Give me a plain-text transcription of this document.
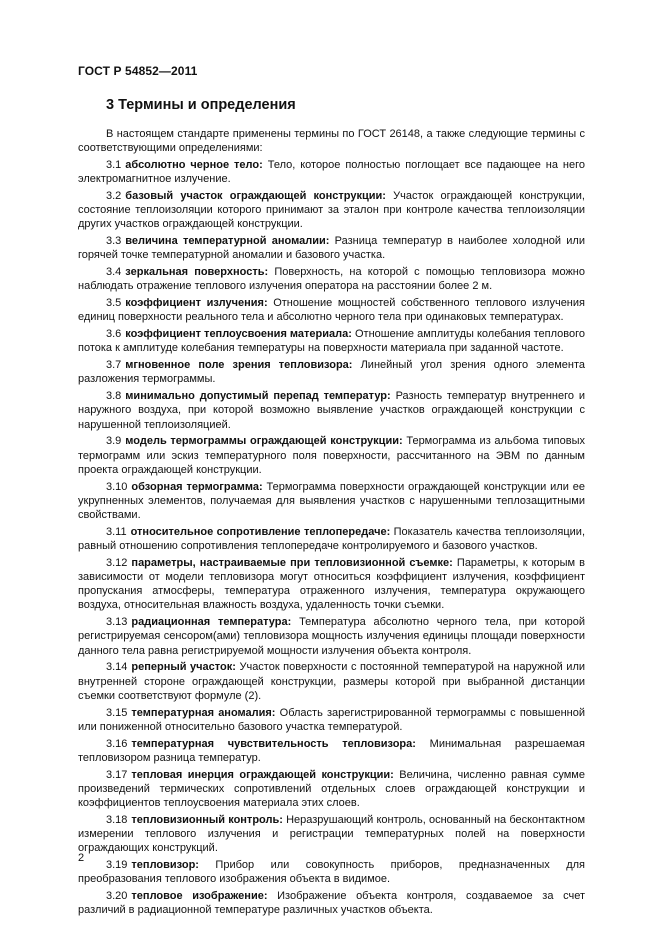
ГОСТ Р 54852—2011
3 Термины и определения

В настоящем стандарте применены термины по ГОСТ 26148, а также следующие термины с соответствующими определениями:

3.1 абсолютно черное тело: Тело, которое полностью поглощает все падающее на него электромагнитное излучение.

3.2 базовый участок ограждающей конструкции: Участок ограждающей конструкции, состояние теплоизоляции которого принимают за эталон при контроле качества теплоизоляции других участков ограждающей конструкции.

3.3 величина температурной аномалии: Разница температур в наиболее холодной или горячей точке температурной аномалии и базового участка.

3.4 зеркальная поверхность: Поверхность, на которой с помощью тепловизора можно наблюдать отражение теплового излучения оператора на расстоянии более 2 м.

3.5 коэффициент излучения: Отношение мощностей собственного теплового излучения единиц поверхности реального тела и абсолютно черного тела при одинаковых температурах.

3.6 коэффициент теплоусвоения материала: Отношение амплитуды колебания теплового потока к амплитуде колебания температуры на поверхности материала при заданной частоте.

3.7 мгновенное поле зрения тепловизора: Линейный угол зрения одного элемента разложения термограммы.

3.8 минимально допустимый перепад температур: Разность температур внутреннего и наружного воздуха, при которой возможно выявление участков ограждающей конструкции с нарушенной теплоизоляцией.

3.9 модель термограммы ограждающей конструкции: Термограмма из альбома типовых термограмм или эскиз температурного поля поверхности, рассчитанного на ЭВМ по данным проекта ограждающей конструкции.

3.10 обзорная термограмма: Термограмма поверхности ограждающей конструкции или ее укрупненных элементов, получаемая для выявления участков с нарушенными теплозащитными свойствами.

3.11 относительное сопротивление теплопередаче: Показатель качества теплоизоляции, равный отношению сопротивления теплопередаче контролируемого и базового участков.

3.12 параметры, настраиваемые при тепловизионной съемке: Параметры, к которым в зависимости от модели тепловизора могут относиться коэффициент излучения, коэффициент пропускания атмосферы, температура отраженного излучения, температура окружающего воздуха, относительная влажность воздуха, удаленность точки съемки.

3.13 радиационная температура: Температура абсолютно черного тела, при которой регистрируемая сенсором(ами) тепловизора мощность излучения единицы площади поверхности данного тела равна регистрируемой мощности излучения объекта контроля.

3.14 реперный участок: Участок поверхности с постоянной температурой на наружной или внутренней стороне ограждающей конструкции, размеры которой при выбранной дистанции съемки соответствуют формуле (2).

3.15 температурная аномалия: Область зарегистрированной термограммы с повышенной или пониженной относительно базового участка температурой.

3.16 температурная чувствительность тепловизора: Минимальная разрешаемая тепловизором разница температур.

3.17 тепловая инерция ограждающей конструкции: Величина, численно равная сумме произведений термических сопротивлений отдельных слоев ограждающей конструкции и коэффициентов теплоусвоения материала этих слоев.

3.18 тепловизионный контроль: Неразрушающий контроль, основанный на бесконтактном измерении теплового излучения и регистрации температурных полей на поверхности ограждающих конструкций.

3.19 тепловизор: Прибор или совокупность приборов, предназначенных для преобразования теплового изображения объекта в видимое.

3.20 тепловое изображение: Изображение объекта контроля, создаваемое за счет различий в радиационной температуре различных участков объекта.

2
